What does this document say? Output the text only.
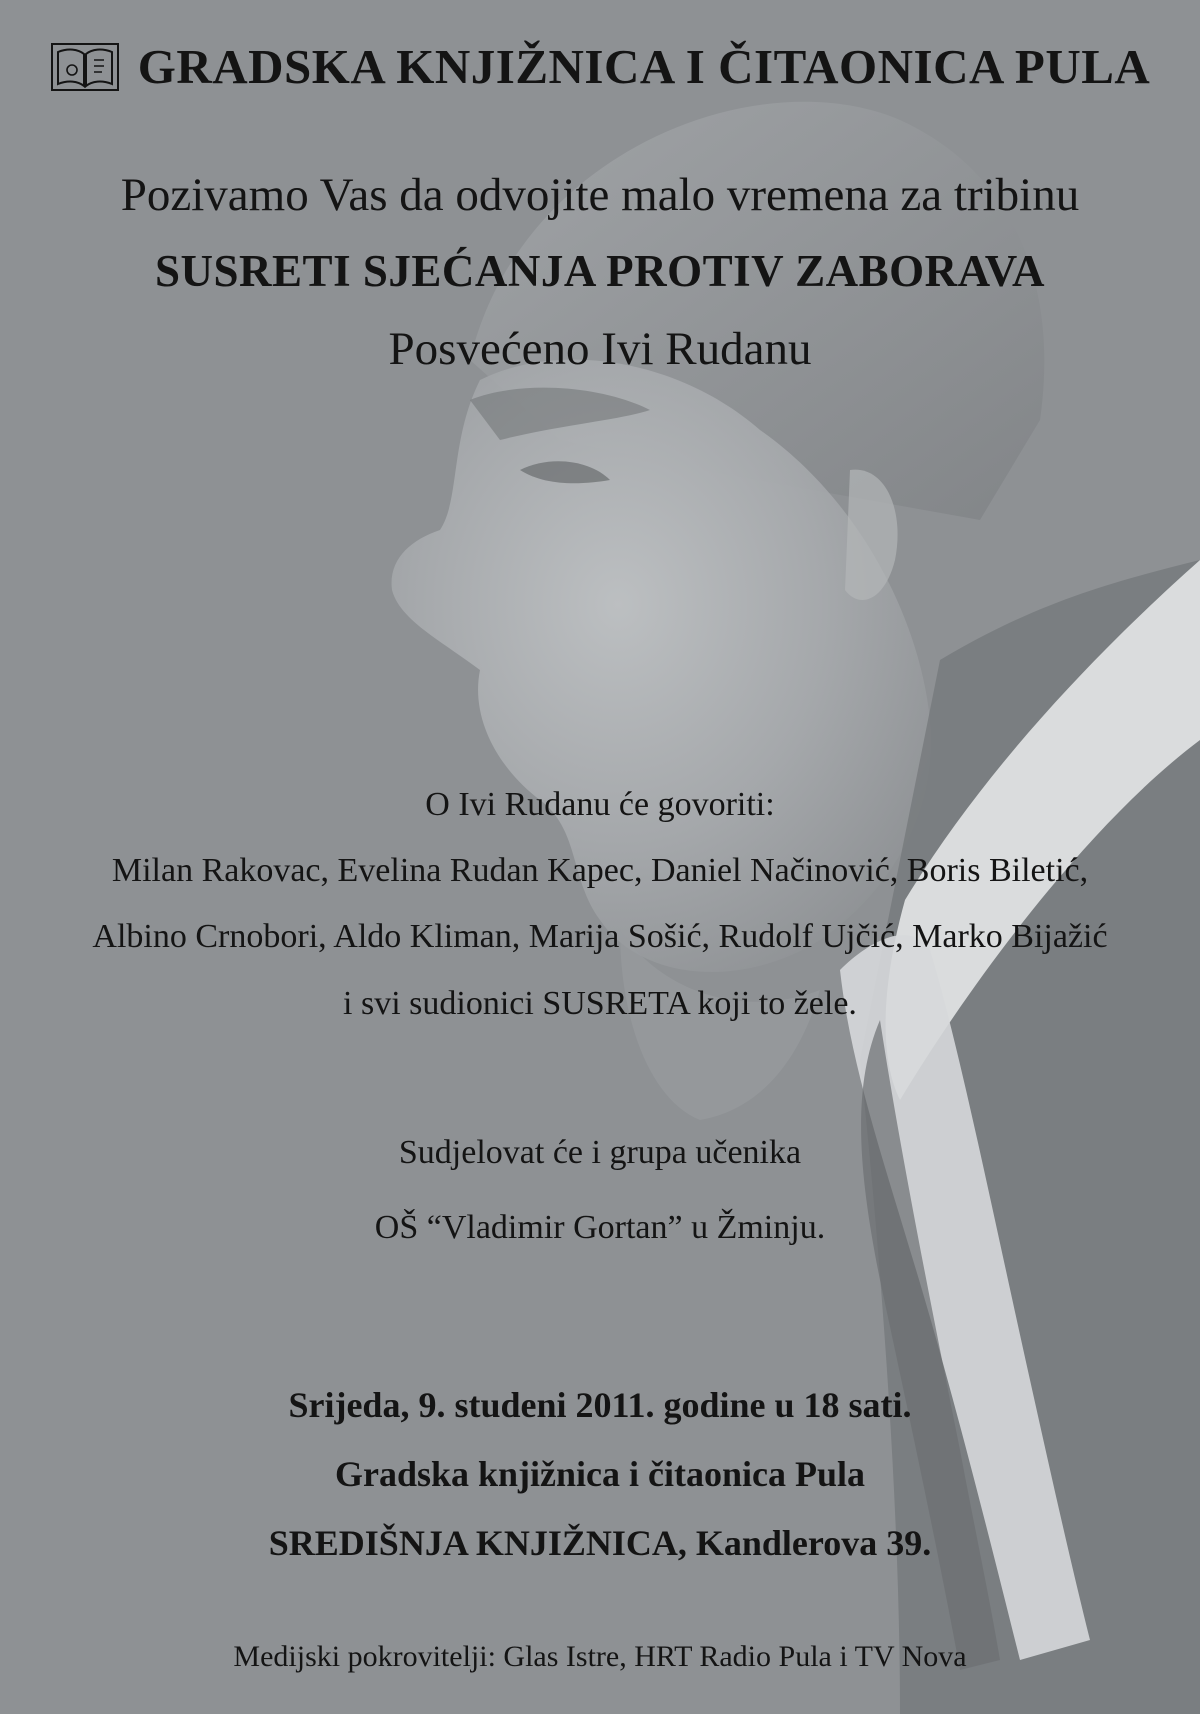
GRADSKA KNJIŽNICA I ČITAONICA PULA
Pozivamo Vas da odvojite malo vremena za tribinu
SUSRETI SJEĆANJA PROTIV ZABORAVA
Posvećeno Ivi Rudanu
O Ivi Rudanu će govoriti:
Milan Rakovac, Evelina Rudan Kapec, Daniel Načinović, Boris Biletić,
Albino Crnobori, Aldo Kliman, Marija Sošić, Rudolf Ujčić, Marko Bijažić
i svi sudionici SUSRETA koji to žele.
Sudjelovat će i grupa učenika
OŠ “Vladimir Gortan” u Žminju.
Srijeda, 9. studeni 2011. godine u 18 sati.
Gradska knjižnica i čitaonica Pula
SREDIŠNJA KNJIŽNICA, Kandlerova 39.
Medijski pokrovitelji: Glas Istre, HRT Radio Pula i TV Nova
